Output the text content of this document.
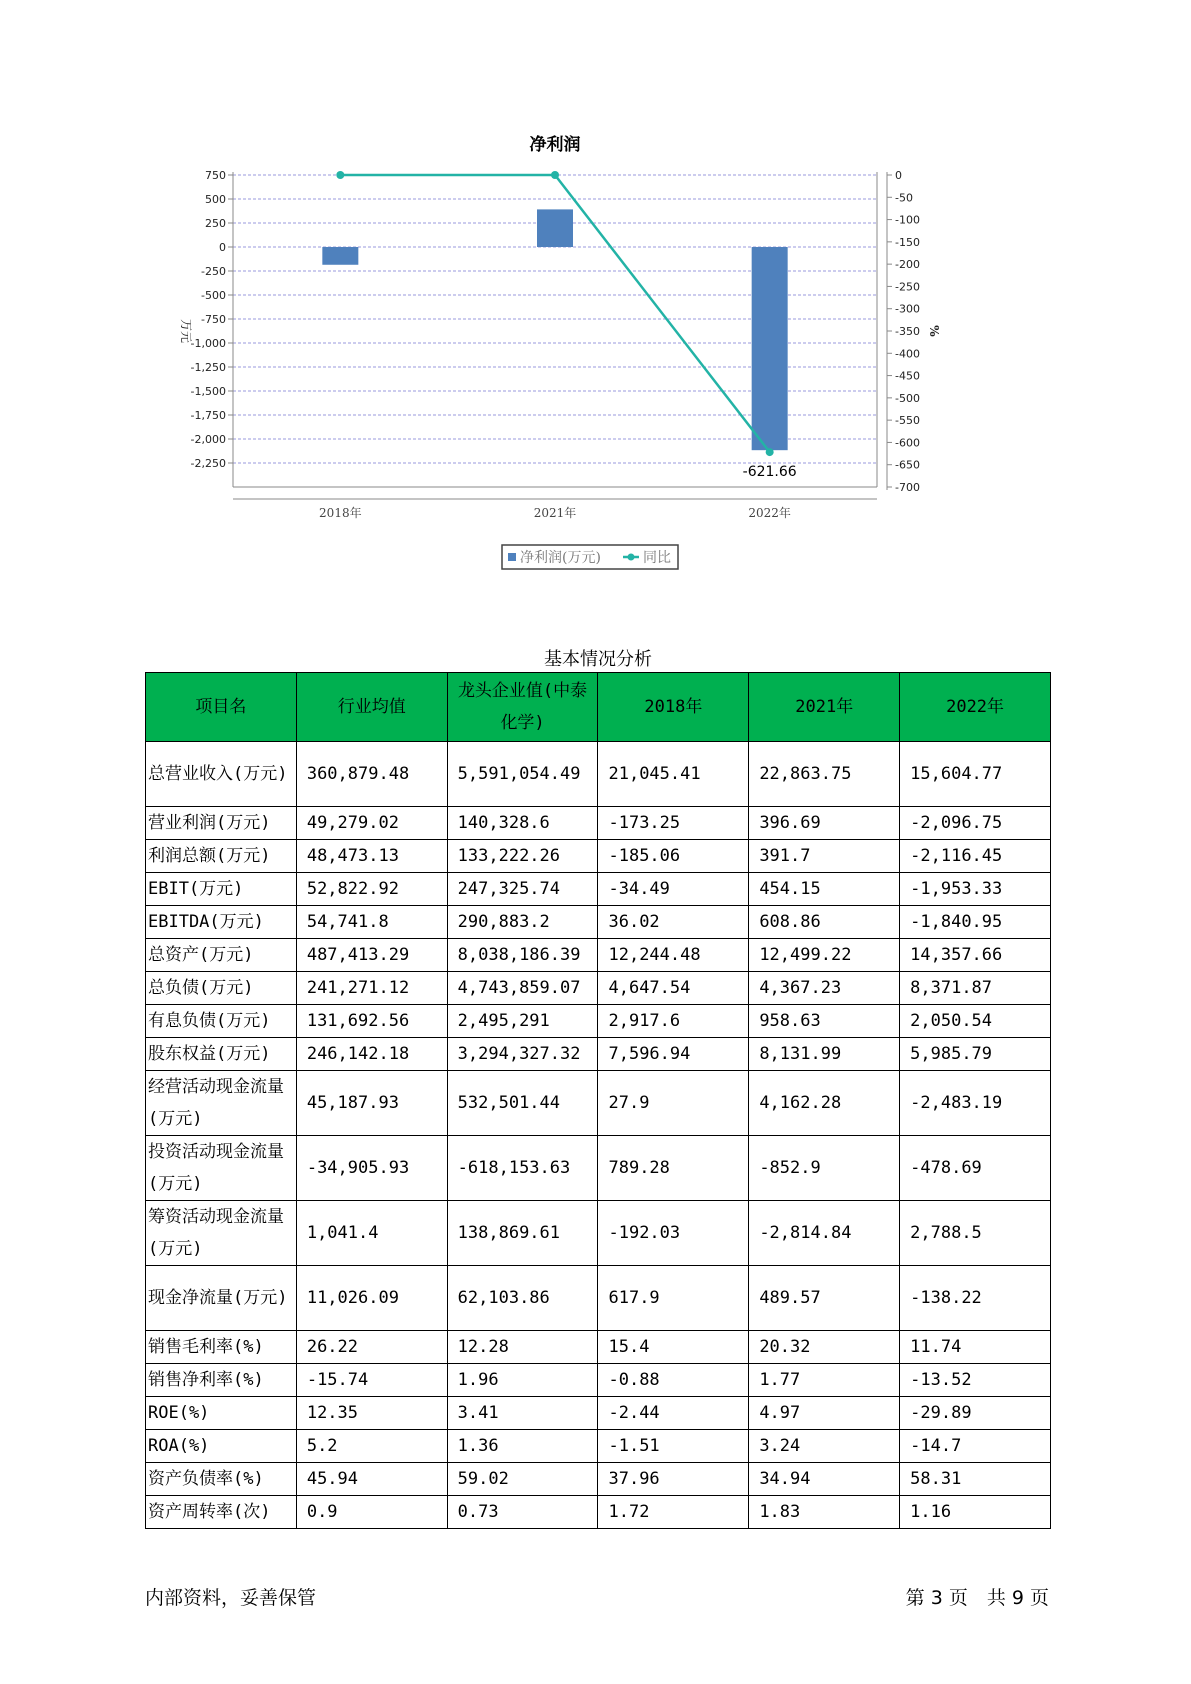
净利润
750
500
250
0
-250
-500
-750
-1,000
-1,250
-1,500
-1,750
-2,000
-2,250
0
-50
-100
-150
-200
-250
-300
-350
-400
-450
-500
-550
-600
-650
-700
万元	%
-621.66
2018年	2021年	2022年
净利润(万元)	同比
基本情况分析
项目名	行业均值	龙头企业值(中泰化学)	2018年	2021年	2022年
总营业收入(万元)	360,879.48	5,591,054.49	21,045.41	22,863.75	15,604.77
营业利润(万元)	49,279.02	140,328.6	-173.25	396.69	-2,096.75
利润总额(万元)	48,473.13	133,222.26	-185.06	391.7	-2,116.45
EBIT(万元)	52,822.92	247,325.74	-34.49	454.15	-1,953.33
EBITDA(万元)	54,741.8	290,883.2	36.02	608.86	-1,840.95
总资产(万元)	487,413.29	8,038,186.39	12,244.48	12,499.22	14,357.66
总负债(万元)	241,271.12	4,743,859.07	4,647.54	4,367.23	8,371.87
有息负债(万元)	131,692.56	2,495,291	2,917.6	958.63	2,050.54
股东权益(万元)	246,142.18	3,294,327.32	7,596.94	8,131.99	5,985.79
经营活动现金流量(万元)	45,187.93	532,501.44	27.9	4,162.28	-2,483.19
投资活动现金流量(万元)	-34,905.93	-618,153.63	789.28	-852.9	-478.69
筹资活动现金流量(万元)	1,041.4	138,869.61	-192.03	-2,814.84	2,788.5
现金净流量(万元)	11,026.09	62,103.86	617.9	489.57	-138.22
销售毛利率(%)	26.22	12.28	15.4	20.32	11.74
销售净利率(%)	-15.74	1.96	-0.88	1.77	-13.52
ROE(%)	12.35	3.41	-2.44	4.97	-29.89
ROA(%)	5.2	1.36	-1.51	3.24	-14.7
资产负债率(%)	45.94	59.02	37.96	34.94	58.31
资产周转率(次)	0.9	0.73	1.72	1.83	1.16
内部资料，妥善保管	第 3 页　共 9 页
